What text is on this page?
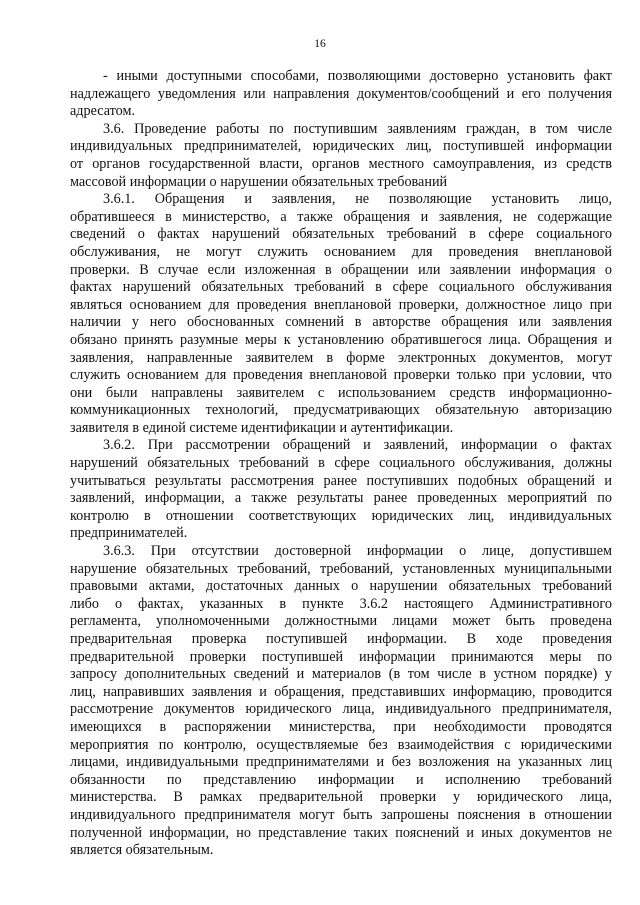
16

- иными доступными способами, позволяющими достоверно установить факт
надлежащего уведомления или направления документов/сообщений и его получения
адресатом.

3.6. Проведение работы по поступившим заявлениям граждан, в том числе
индивидуальных предпринимателей, юридических лиц, поступившей информации
от органов государственной власти, органов местного самоуправления, из средств
массовой информации о нарушении обязательных требований

3.6.1. Обращения и заявления, не позволяющие установить лицо,
обратившееся в министерство, а также обращения и заявления, не содержащие
сведений о фактах нарушений обязательных требований в сфере социального
обслуживания, не могут служить основанием для проведения внеплановой
проверки. В случае если изложенная в обращении или заявлении информация о
фактах нарушений обязательных требований в сфере социального обслуживания
являться основанием для проведения внеплановой проверки, должностное лицо при
наличии у него обоснованных сомнений в авторстве обращения или заявления
обязано принять разумные меры к установлению обратившегося лица. Обращения и
заявления, направленные заявителем в форме электронных документов, могут
служить основанием для проведения внеплановой проверки только при условии, что
они были направлены заявителем с использованием средств информационно-
коммуникационных технологий, предусматривающих обязательную авторизацию
заявителя в единой системе идентификации и аутентификации.

3.6.2. При рассмотрении обращений и заявлений, информации о фактах
нарушений обязательных требований в сфере социального обслуживания, должны
учитываться результаты рассмотрения ранее поступивших подобных обращений и
заявлений, информации, а также результаты ранее проведенных мероприятий по
контролю в отношении соответствующих юридических лиц, индивидуальных
предпринимателей.

3.6.3. При отсутствии достоверной информации о лице, допустившем
нарушение обязательных требований, требований, установленных муниципальными
правовыми актами, достаточных данных о нарушении обязательных требований
либо о фактах, указанных в пункте 3.6.2 настоящего Административного
регламента, уполномоченными должностными лицами может быть проведена
предварительная проверка поступившей информации. В ходе проведения
предварительной проверки поступившей информации принимаются меры по
запросу дополнительных сведений и материалов (в том числе в устном порядке) у
лиц, направивших заявления и обращения, представивших информацию, проводится
рассмотрение документов юридического лица, индивидуального предпринимателя,
имеющихся в распоряжении министерства, при необходимости проводятся
мероприятия по контролю, осуществляемые без взаимодействия с юридическими
лицами, индивидуальными предпринимателями и без возложения на указанных лиц
обязанности по представлению информации и исполнению требований
министерства. В рамках предварительной проверки у юридического лица,
индивидуального предпринимателя могут быть запрошены пояснения в отношении
полученной информации, но представление таких пояснений и иных документов не
является обязательным.
